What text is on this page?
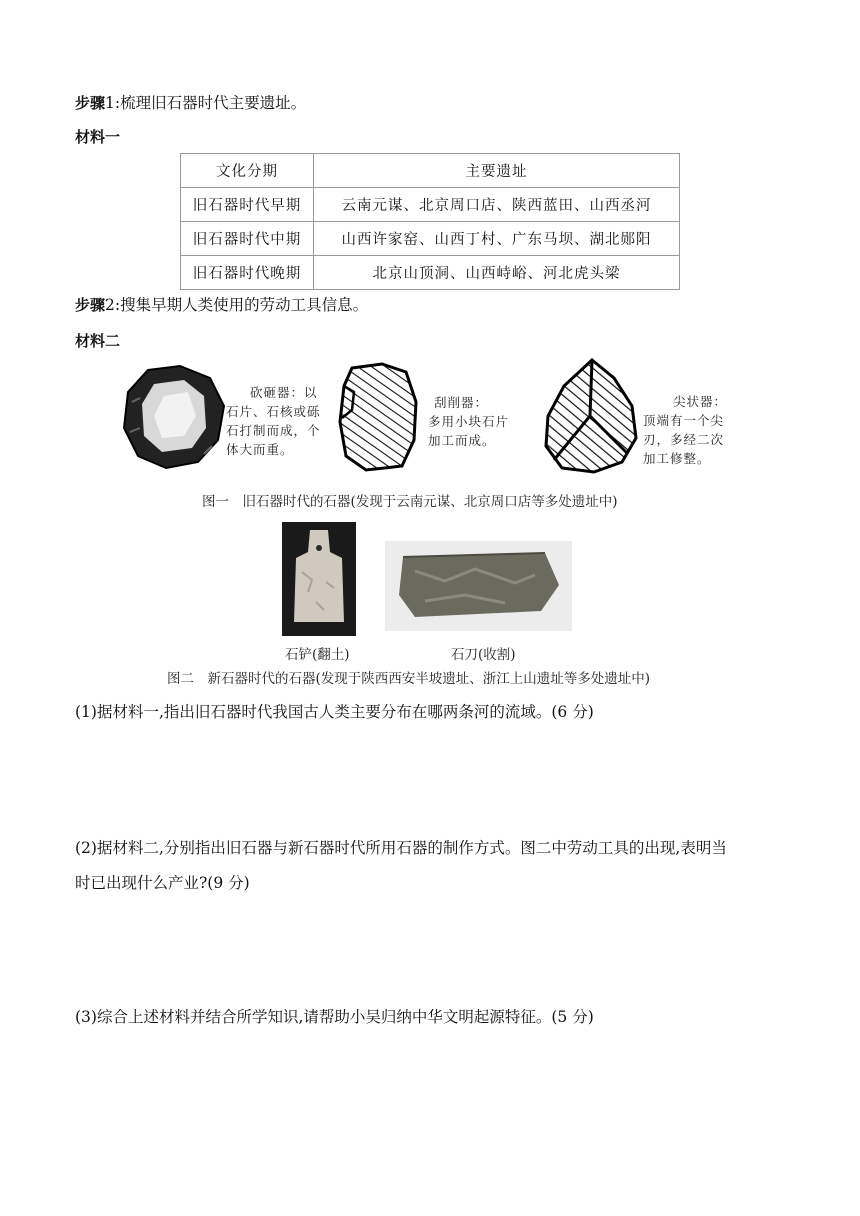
步骤1:梳理旧石器时代主要遗址。
材料一
文化分期	主要遗址
旧石器时代早期	云南元谋、北京周口店、陕西蓝田、山西丞河
旧石器时代中期	山西许家窑、山西丁村、广东马坝、湖北郧阳
旧石器时代晚期	北京山顶洞、山西峙峪、河北虎头梁
步骤2:搜集早期人类使用的劳动工具信息。
材料二
砍砸器：以
石片、石核或砾
石打制而成，个
体大而重。
刮削器：
多用小块石片
加工而成。
尖状器：
顶端有一个尖
刃，多经二次
加工修整。
图一　旧石器时代的石器(发现于云南元谋、北京周口店等多处遗址中)
石铲(翻土)	石刀(收割)
图二　新石器时代的石器(发现于陕西西安半坡遗址、浙江上山遗址等多处遗址中)
(1)据材料一,指出旧石器时代我国古人类主要分布在哪两条河的流域。(6 分)
(2)据材料二,分别指出旧石器与新石器时代所用石器的制作方式。图二中劳动工具的出现,表明当
时已出现什么产业?(9 分)
(3)综合上述材料并结合所学知识,请帮助小吴归纳中华文明起源特征。(5 分)
